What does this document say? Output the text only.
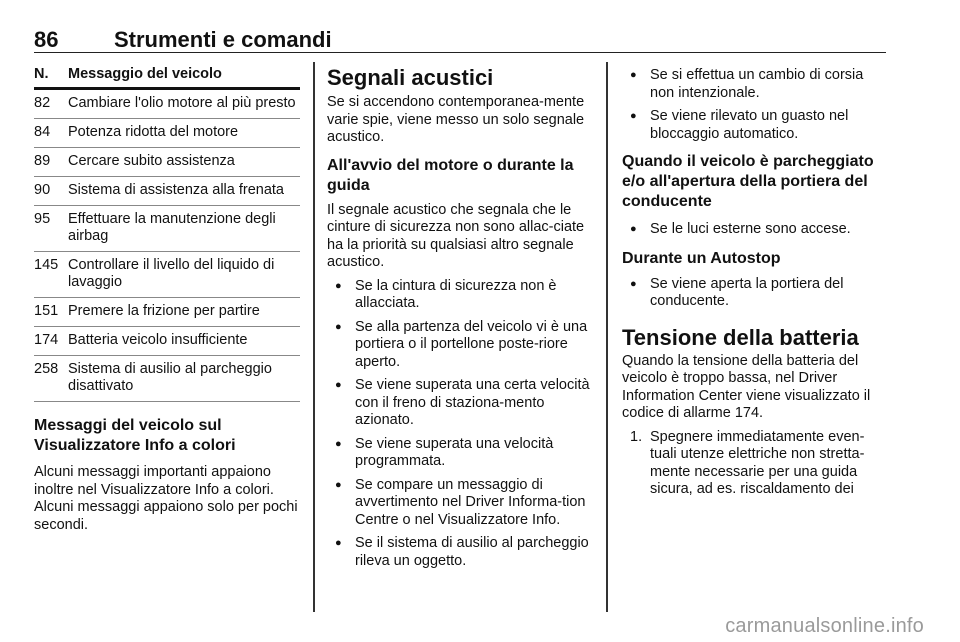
86	Strumenti e comandi
N.	Messaggio del veicolo
82	Cambiare l'olio motore al più presto
84	Potenza ridotta del motore
89	Cercare subito assistenza
90	Sistema di assistenza alla frenata
95	Effettuare la manutenzione degli airbag
145 Controllare il livello del liquido di lavaggio
151 Premere la frizione per partire
174 Batteria veicolo insufficiente
258 Sistema di ausilio al parcheggio disattivato
Messaggi del veicolo sul Visualizzatore Info a colori

Alcuni messaggi importanti appaiono inoltre nel Visualizzatore Info a colori. Alcuni messaggi appaiono solo per pochi secondi.

Segnali acustici

Se si accendono contemporanea-mente varie spie, viene messo un solo segnale acustico.

All'avvio del motore o durante la guida

Il segnale acustico che segnala che le cinture di sicurezza non sono allac-ciate ha la priorità su qualsiasi altro segnale acustico.

● Se la cintura di sicurezza non è allacciata.
● Se alla partenza del veicolo vi è una portiera o il portellone poste-riore aperto.
● Se viene superata una certa velocità con il freno di staziona-mento azionato.
● Se viene superata una velocità programmata.
● Se compare un messaggio di avvertimento nel Driver Informa-tion Centre o nel Visualizzatore Info.
● Se il sistema di ausilio al parcheggio rileva un oggetto.
● Se si effettua un cambio di corsia non intenzionale.
● Se viene rilevato un guasto nel bloccaggio automatico.
Quando il veicolo è parcheggiato e/o all'apertura della portiera del conducente
● Se le luci esterne sono accese.
Durante un Autostop
● Se viene aperta la portiera del conducente.
Tensione della batteria

Quando la tensione della batteria del veicolo è troppo bassa, nel Driver Information Center viene visualizzato il codice di allarme 174.

1. Spegnere immediatamente even-tuali utenze elettriche non stretta-mente necessarie per una guida sicura, ad es. riscaldamento dei
carmanualsonline.info
